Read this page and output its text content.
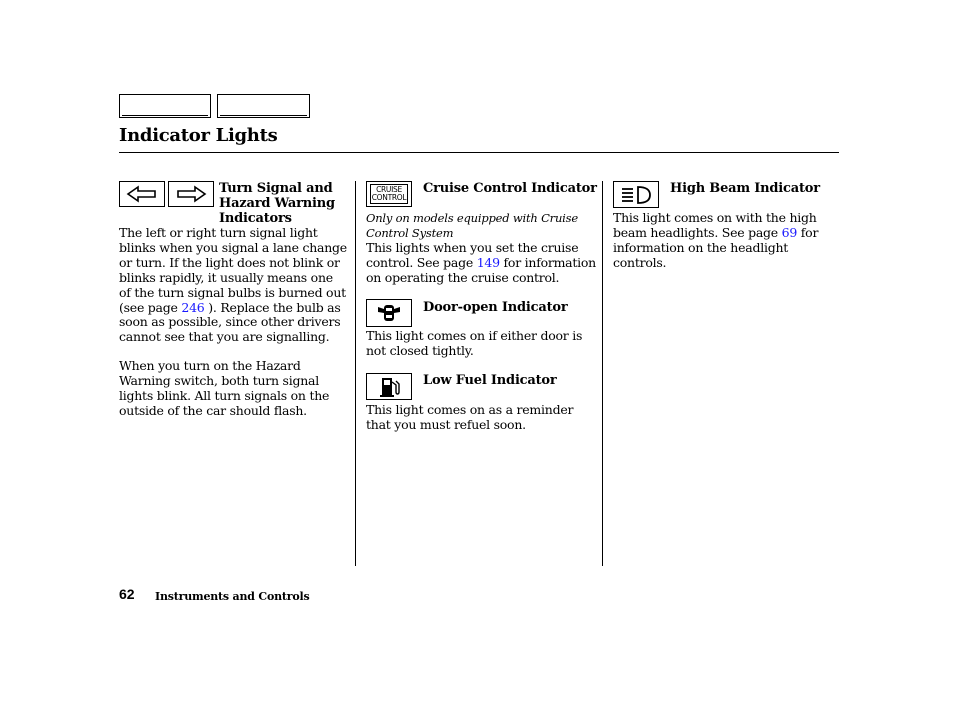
Indicator Lights
Turn Signal and
Hazard Warning
Indicators
The left or right turn signal light
blinks when you signal a lane change
or turn. If the light does not blink or
blinks rapidly, it usually means one
of the turn signal bulbs is burned out
(see page 246 ). Replace the bulb as
soon as possible, since other drivers
cannot see that you are signalling.
When you turn on the Hazard
Warning switch, both turn signal
lights blink. All turn signals on the
outside of the car should flash.
CRUISE
CONTROL
Cruise Control Indicator
Only on models equipped with Cruise
Control System
This lights when you set the cruise
control. See page 149 for information
on operating the cruise control.
Door-open Indicator
This light comes on if either door is
not closed tightly.
Low Fuel Indicator
This light comes on as a reminder
that you must refuel soon.
High Beam Indicator
This light comes on with the high
beam headlights. See page 69 for
information on the headlight
controls.
62 Instruments and Controls
